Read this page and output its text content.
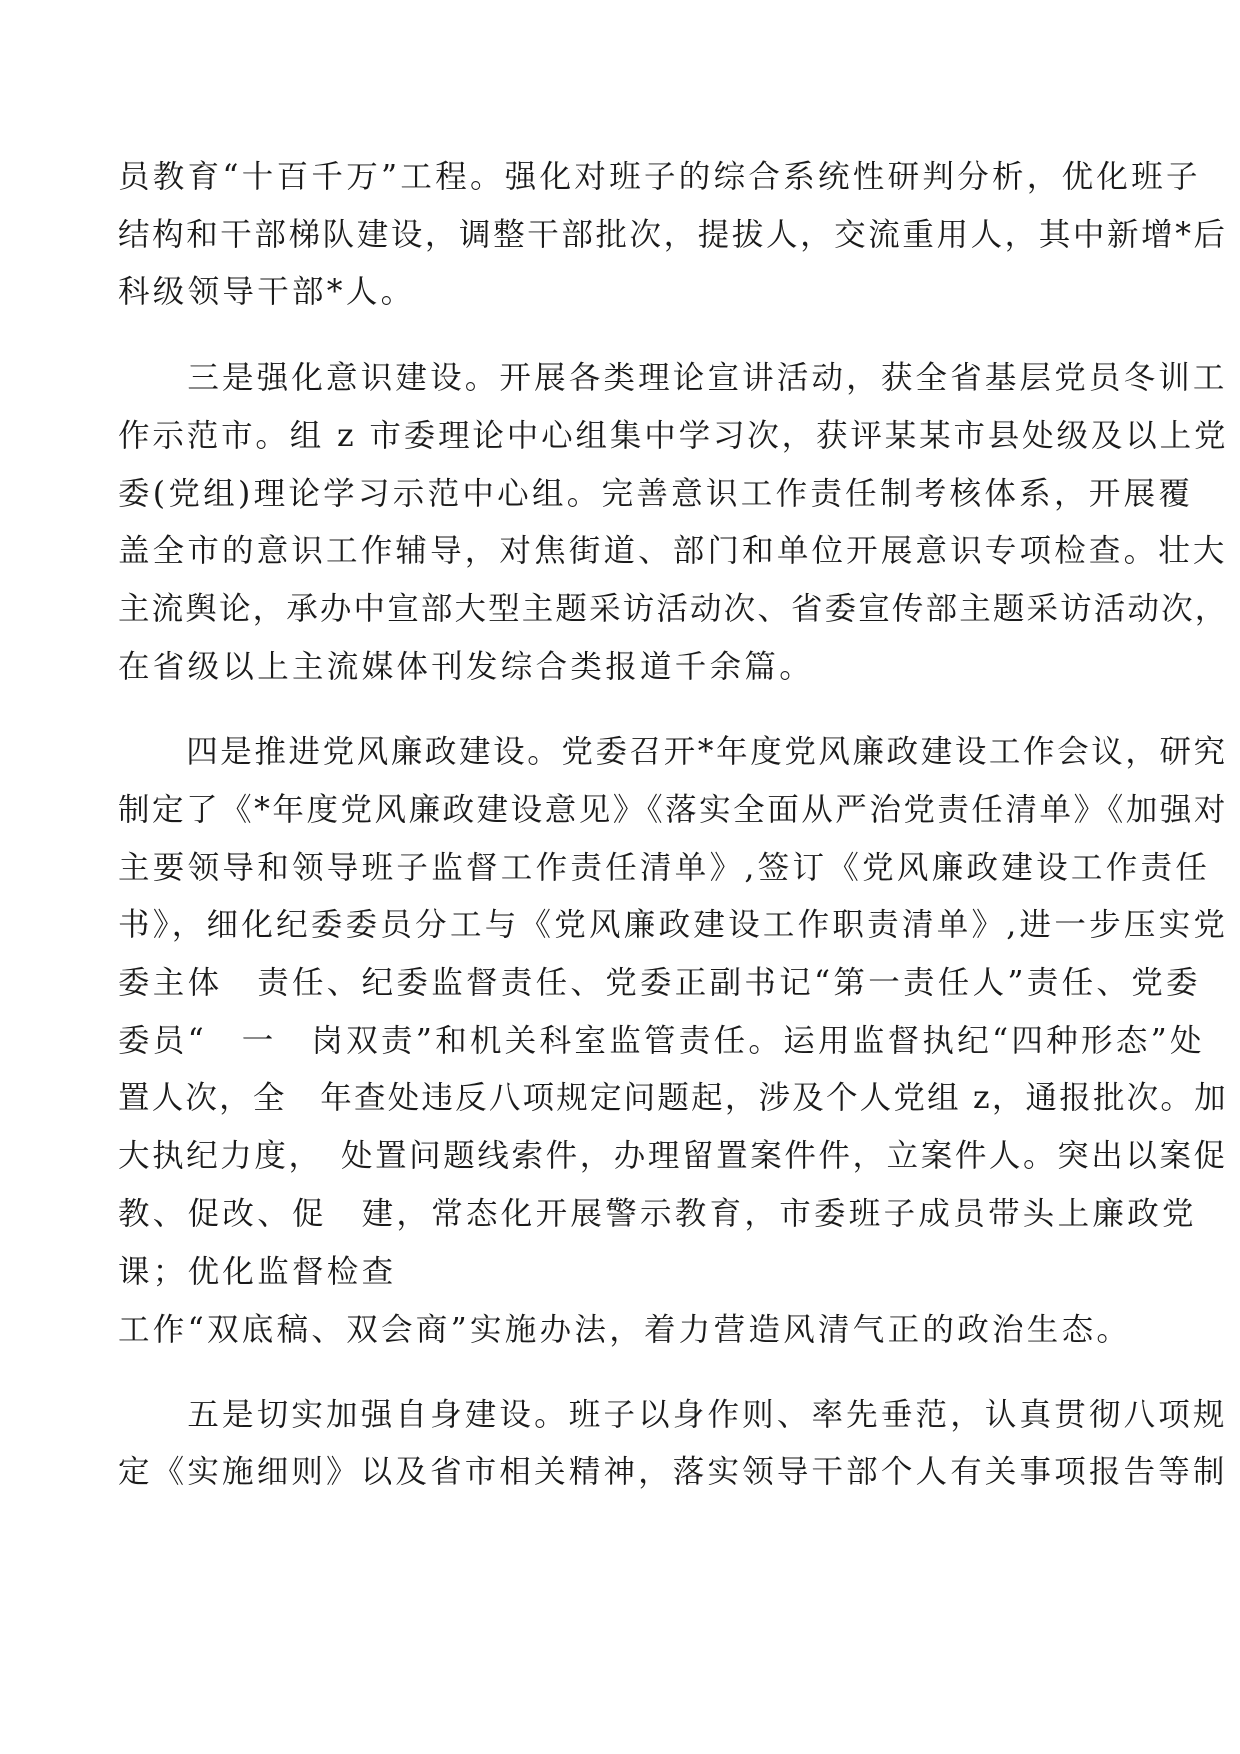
员教育“十百千万”工程。强化对班子的综合系统性研判分析，优化班子

结构和干部梯队建设，调整干部批次，提拔人，交流重用人，其中新增*后

科级领导干部*人。

　　三是强化意识建设。开展各类理论宣讲活动，获全省基层党员冬训工

作示范市。组 z 市委理论中心组集中学习次，获评某某市县处级及以上党

委(党组)理论学习示范中心组。完善意识工作责任制考核体系，开展覆

盖全市的意识工作辅导，对焦街道、部门和单位开展意识专项检查。壮大

主流舆论，承办中宣部大型主题采访活动次、省委宣传部主题采访活动次，

在省级以上主流媒体刊发综合类报道千余篇。

　　四是推进党风廉政建设。党委召开*年度党风廉政建设工作会议，研究

制定了《*年度党风廉政建设意见》《落实全面从严治党责任清单》《加强对

主要领导和领导班子监督工作责任清单》,签订《党风廉政建设工作责任

书》，细化纪委委员分工与《党风廉政建设工作职责清单》,进一步压实党

委主体　责任、纪委监督责任、党委正副书记“第一责任人”责任、党委

委员“　一　岗双责”和机关科室监管责任。运用监督执纪“四种形态”处

置人次，全　年查处违反八项规定问题起，涉及个人党组 z，通报批次。加

大执纪力度，　处置问题线索件，办理留置案件件，立案件人。突出以案促

教、促改、促　建，常态化开展警示教育，市委班子成员带头上廉政党

课；优化监督检查

工作“双底稿、双会商”实施办法，着力营造风清气正的政治生态。

　　五是切实加强自身建设。班子以身作则、率先垂范，认真贯彻八项规

定《实施细则》以及省市相关精神，落实领导干部个人有关事项报告等制
